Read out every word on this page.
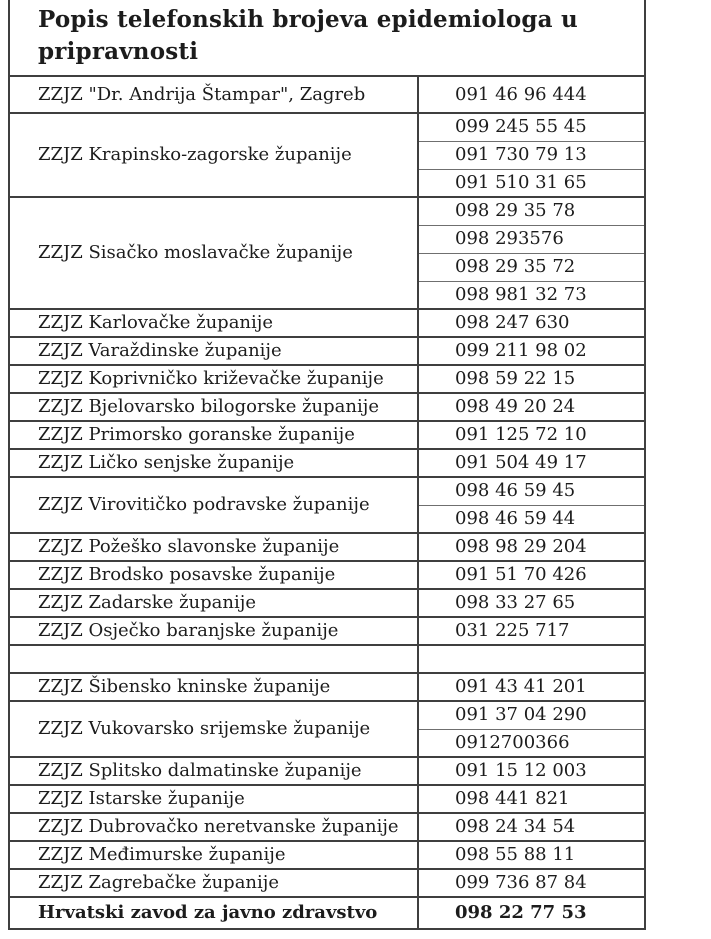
Popis telefonskih brojeva epidemiologa u pripravnosti	
ZZJZ "Dr. Andrija Štampar", Zagreb	091 46 96 444
ZZJZ Krapinsko-zagorske županije	099 245 55 45
	091 730 79 13
	091 510 31 65
ZZJZ Sisačko moslavačke županije	098 29 35 78
	098 293576
	098 29 35 72
	098 981 32 73
ZZJZ Karlovačke županije	098 247 630
ZZJZ Varaždinske županije	099 211 98 02
ZZJZ Koprivničko križevačke županije	098 59 22 15
ZZJZ Bjelovarsko bilogorske županije	098 49 20 24
ZZJZ Primorsko goranske županije	091 125 72 10
ZZJZ Ličko senjske županije	091 504 49 17
ZZJZ Virovitičko podravske županije	098 46 59 45
	098 46 59 44
ZZJZ Požeško slavonske županije	098 98 29 204
ZZJZ Brodsko posavske županije	091 51 70 426
ZZJZ Zadarske županije	098 33 27 65
ZZJZ Osječko baranjske županije	031 225 717

ZZJZ Šibensko kninske županije	091 43 41 201
ZZJZ Vukovarsko srijemske županije	091 37 04 290
	0912700366
ZZJZ Splitsko dalmatinske županije	091 15 12 003
ZZJZ Istarske županije	098 441 821
ZZJZ Dubrovačko neretvanske županije	098 24 34 54
ZZJZ Međimurske županije	098 55 88 11
ZZJZ Zagrebačke županije	099 736 87 84
Hrvatski zavod za javno zdravstvo	098 22 77 53
